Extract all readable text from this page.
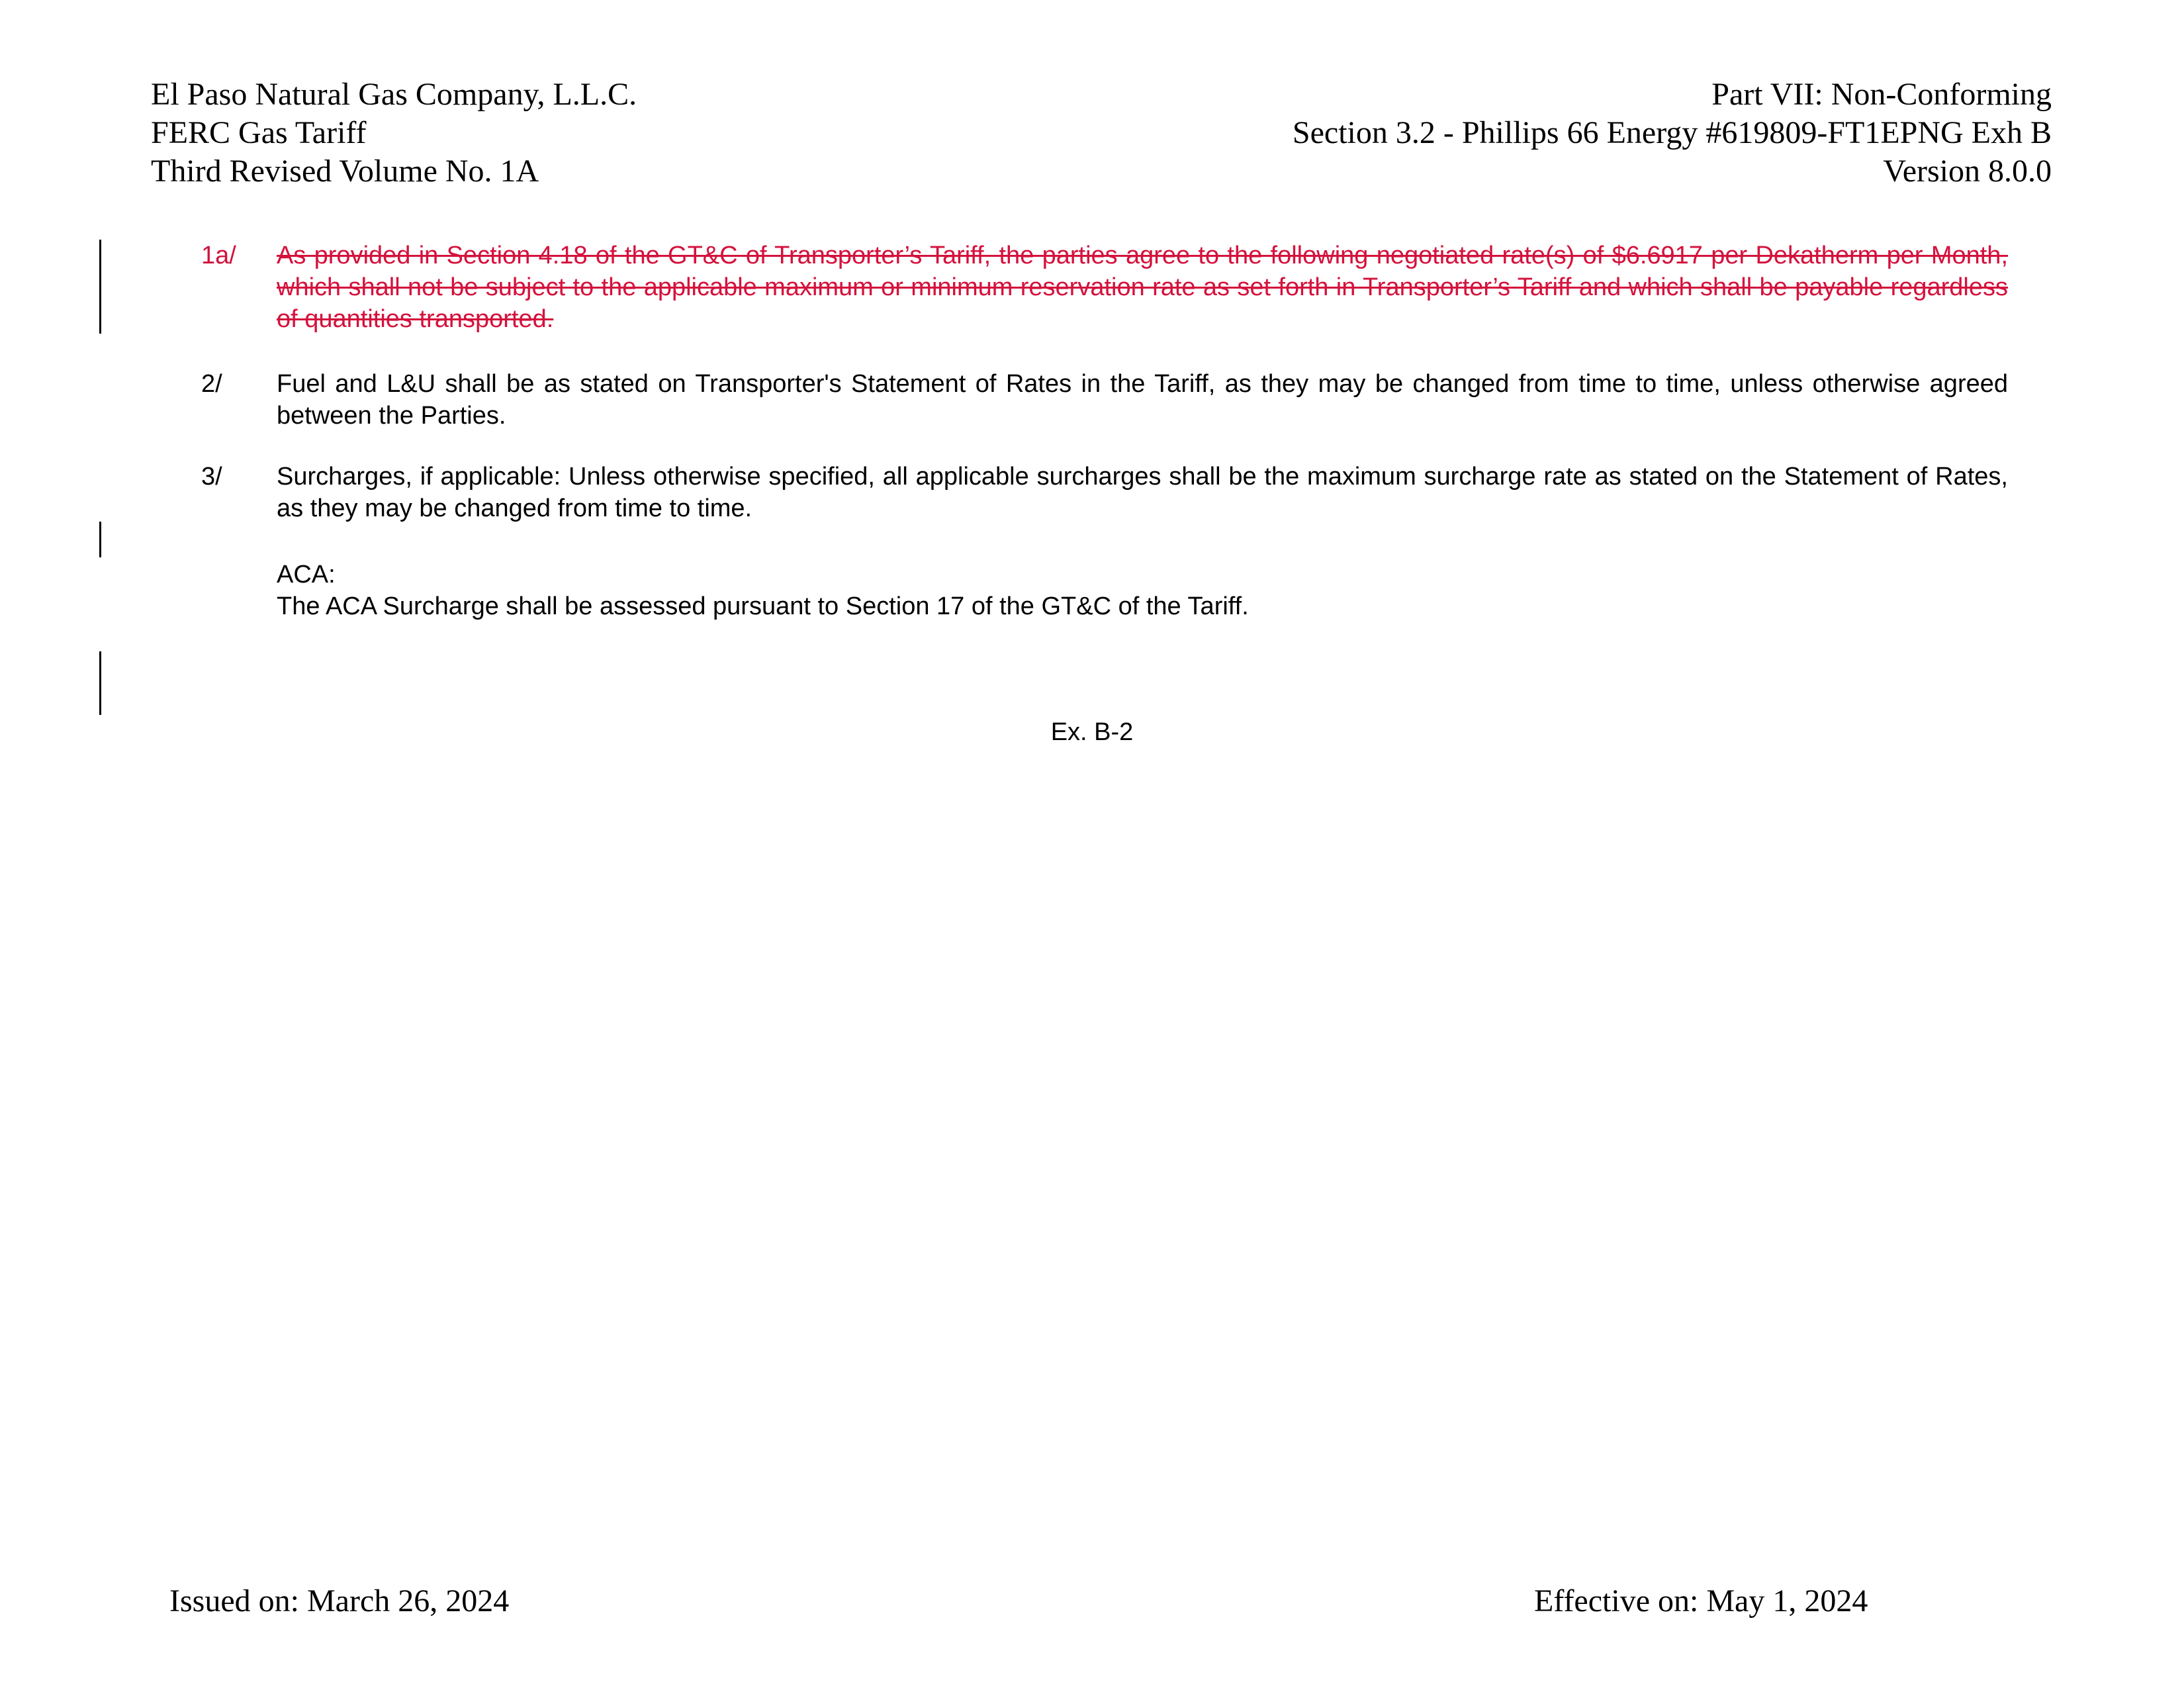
El Paso Natural Gas Company, L.L.C.
FERC Gas Tariff
Third Revised Volume No. 1A
Part VII: Non-Conforming
Section 3.2 - Phillips 66 Energy #619809-FT1EPNG Exh B
Version 8.0.0
1a/	As provided in Section 4.18 of the GT&C of Transporter’s Tariff, the parties agree to the following negotiated rate(s) of $6.6917 per Dekatherm per Month, which shall not be subject to the applicable maximum or minimum reservation rate as set forth in Transporter’s Tariff and which shall be payable regardless of quantities transported.
2/	Fuel and L&U shall be as stated on Transporter's Statement of Rates in the Tariff, as they may be changed from time to time, unless otherwise agreed between the Parties.
3/	Surcharges, if applicable: Unless otherwise specified, all applicable surcharges shall be the maximum surcharge rate as stated on the Statement of Rates, as they may be changed from time to time.
ACA:
The ACA Surcharge shall be assessed pursuant to Section 17 of the GT&C of the Tariff.
Ex. B-2
Issued on: March 26, 2024	Effective on: May 1, 2024
